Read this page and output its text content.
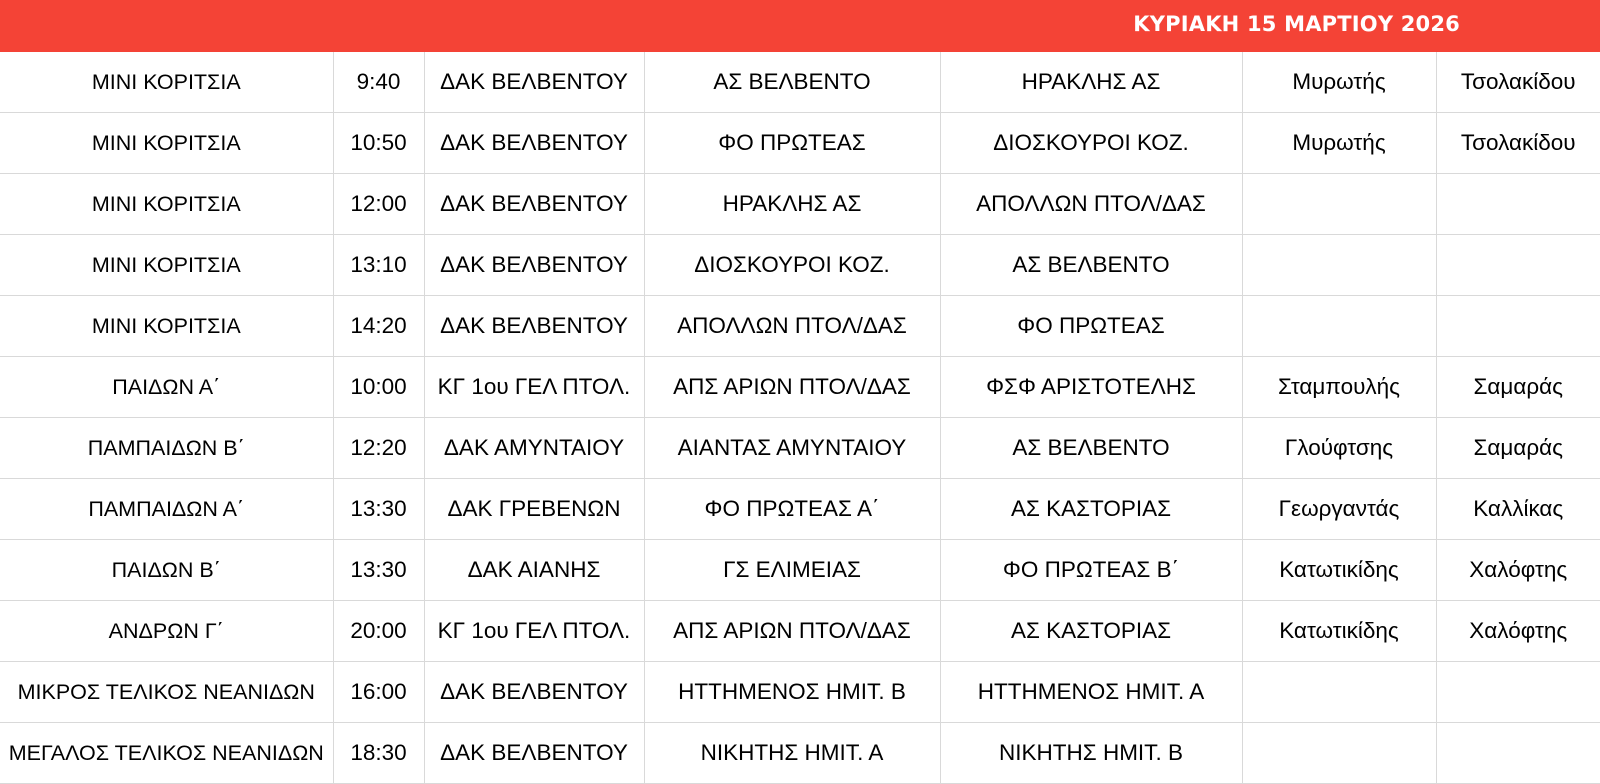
ΚΥΡΙΑΚΗ 15 ΜΑΡΤΙΟΥ 2026
ΜΙΝΙ ΚΟΡΙΤΣΙΑ	9:40	ΔΑΚ ΒΕΛΒΕΝΤΟΥ	ΑΣ ΒΕΛΒΕΝΤΟ	ΗΡΑΚΛΗΣ ΑΣ	Μυρωτής	Τσολακίδου
ΜΙΝΙ ΚΟΡΙΤΣΙΑ	10:50	ΔΑΚ ΒΕΛΒΕΝΤΟΥ	ΦΟ ΠΡΩΤΕΑΣ	ΔΙΟΣΚΟΥΡΟΙ ΚΟΖ.	Μυρωτής	Τσολακίδου
ΜΙΝΙ ΚΟΡΙΤΣΙΑ	12:00	ΔΑΚ ΒΕΛΒΕΝΤΟΥ	ΗΡΑΚΛΗΣ ΑΣ	ΑΠΟΛΛΩΝ ΠΤΟΛ/ΔΑΣ		
ΜΙΝΙ ΚΟΡΙΤΣΙΑ	13:10	ΔΑΚ ΒΕΛΒΕΝΤΟΥ	ΔΙΟΣΚΟΥΡΟΙ ΚΟΖ.	ΑΣ ΒΕΛΒΕΝΤΟ		
ΜΙΝΙ ΚΟΡΙΤΣΙΑ	14:20	ΔΑΚ ΒΕΛΒΕΝΤΟΥ	ΑΠΟΛΛΩΝ ΠΤΟΛ/ΔΑΣ	ΦΟ ΠΡΩΤΕΑΣ		
ΠΑΙΔΩΝ Α΄	10:00	ΚΓ 1ου ΓΕΛ ΠΤΟΛ.	ΑΠΣ ΑΡΙΩΝ ΠΤΟΛ/ΔΑΣ	ΦΣΦ ΑΡΙΣΤΟΤΕΛΗΣ	Σταμπουλής	Σαμαράς
ΠΑΜΠΑΙΔΩΝ Β΄	12:20	ΔΑΚ ΑΜΥΝΤΑΙΟΥ	ΑΙΑΝΤΑΣ ΑΜΥΝΤΑΙΟΥ	ΑΣ ΒΕΛΒΕΝΤΟ	Γλούφτσης	Σαμαράς
ΠΑΜΠΑΙΔΩΝ Α΄	13:30	ΔΑΚ ΓΡΕΒΕΝΩΝ	ΦΟ ΠΡΩΤΕΑΣ Α΄	ΑΣ ΚΑΣΤΟΡΙΑΣ	Γεωργαντάς	Καλλίκας
ΠΑΙΔΩΝ Β΄	13:30	ΔΑΚ ΑΙΑΝΗΣ	ΓΣ ΕΛΙΜΕΙΑΣ	ΦΟ ΠΡΩΤΕΑΣ Β΄	Κατωτικίδης	Χαλόφτης
ΑΝΔΡΩΝ Γ΄	20:00	ΚΓ 1ου ΓΕΛ ΠΤΟΛ.	ΑΠΣ ΑΡΙΩΝ ΠΤΟΛ/ΔΑΣ	ΑΣ ΚΑΣΤΟΡΙΑΣ	Κατωτικίδης	Χαλόφτης
ΜΙΚΡΟΣ ΤΕΛΙΚΟΣ ΝΕΑΝΙΔΩΝ	16:00	ΔΑΚ ΒΕΛΒΕΝΤΟΥ	ΗΤΤΗΜΕΝΟΣ ΗΜΙΤ. Β	ΗΤΤΗΜΕΝΟΣ ΗΜΙΤ. Α		
ΜΕΓΑΛΟΣ ΤΕΛΙΚΟΣ ΝΕΑΝΙΔΩΝ	18:30	ΔΑΚ ΒΕΛΒΕΝΤΟΥ	ΝΙΚΗΤΗΣ ΗΜΙΤ. Α	ΝΙΚΗΤΗΣ ΗΜΙΤ. Β		
